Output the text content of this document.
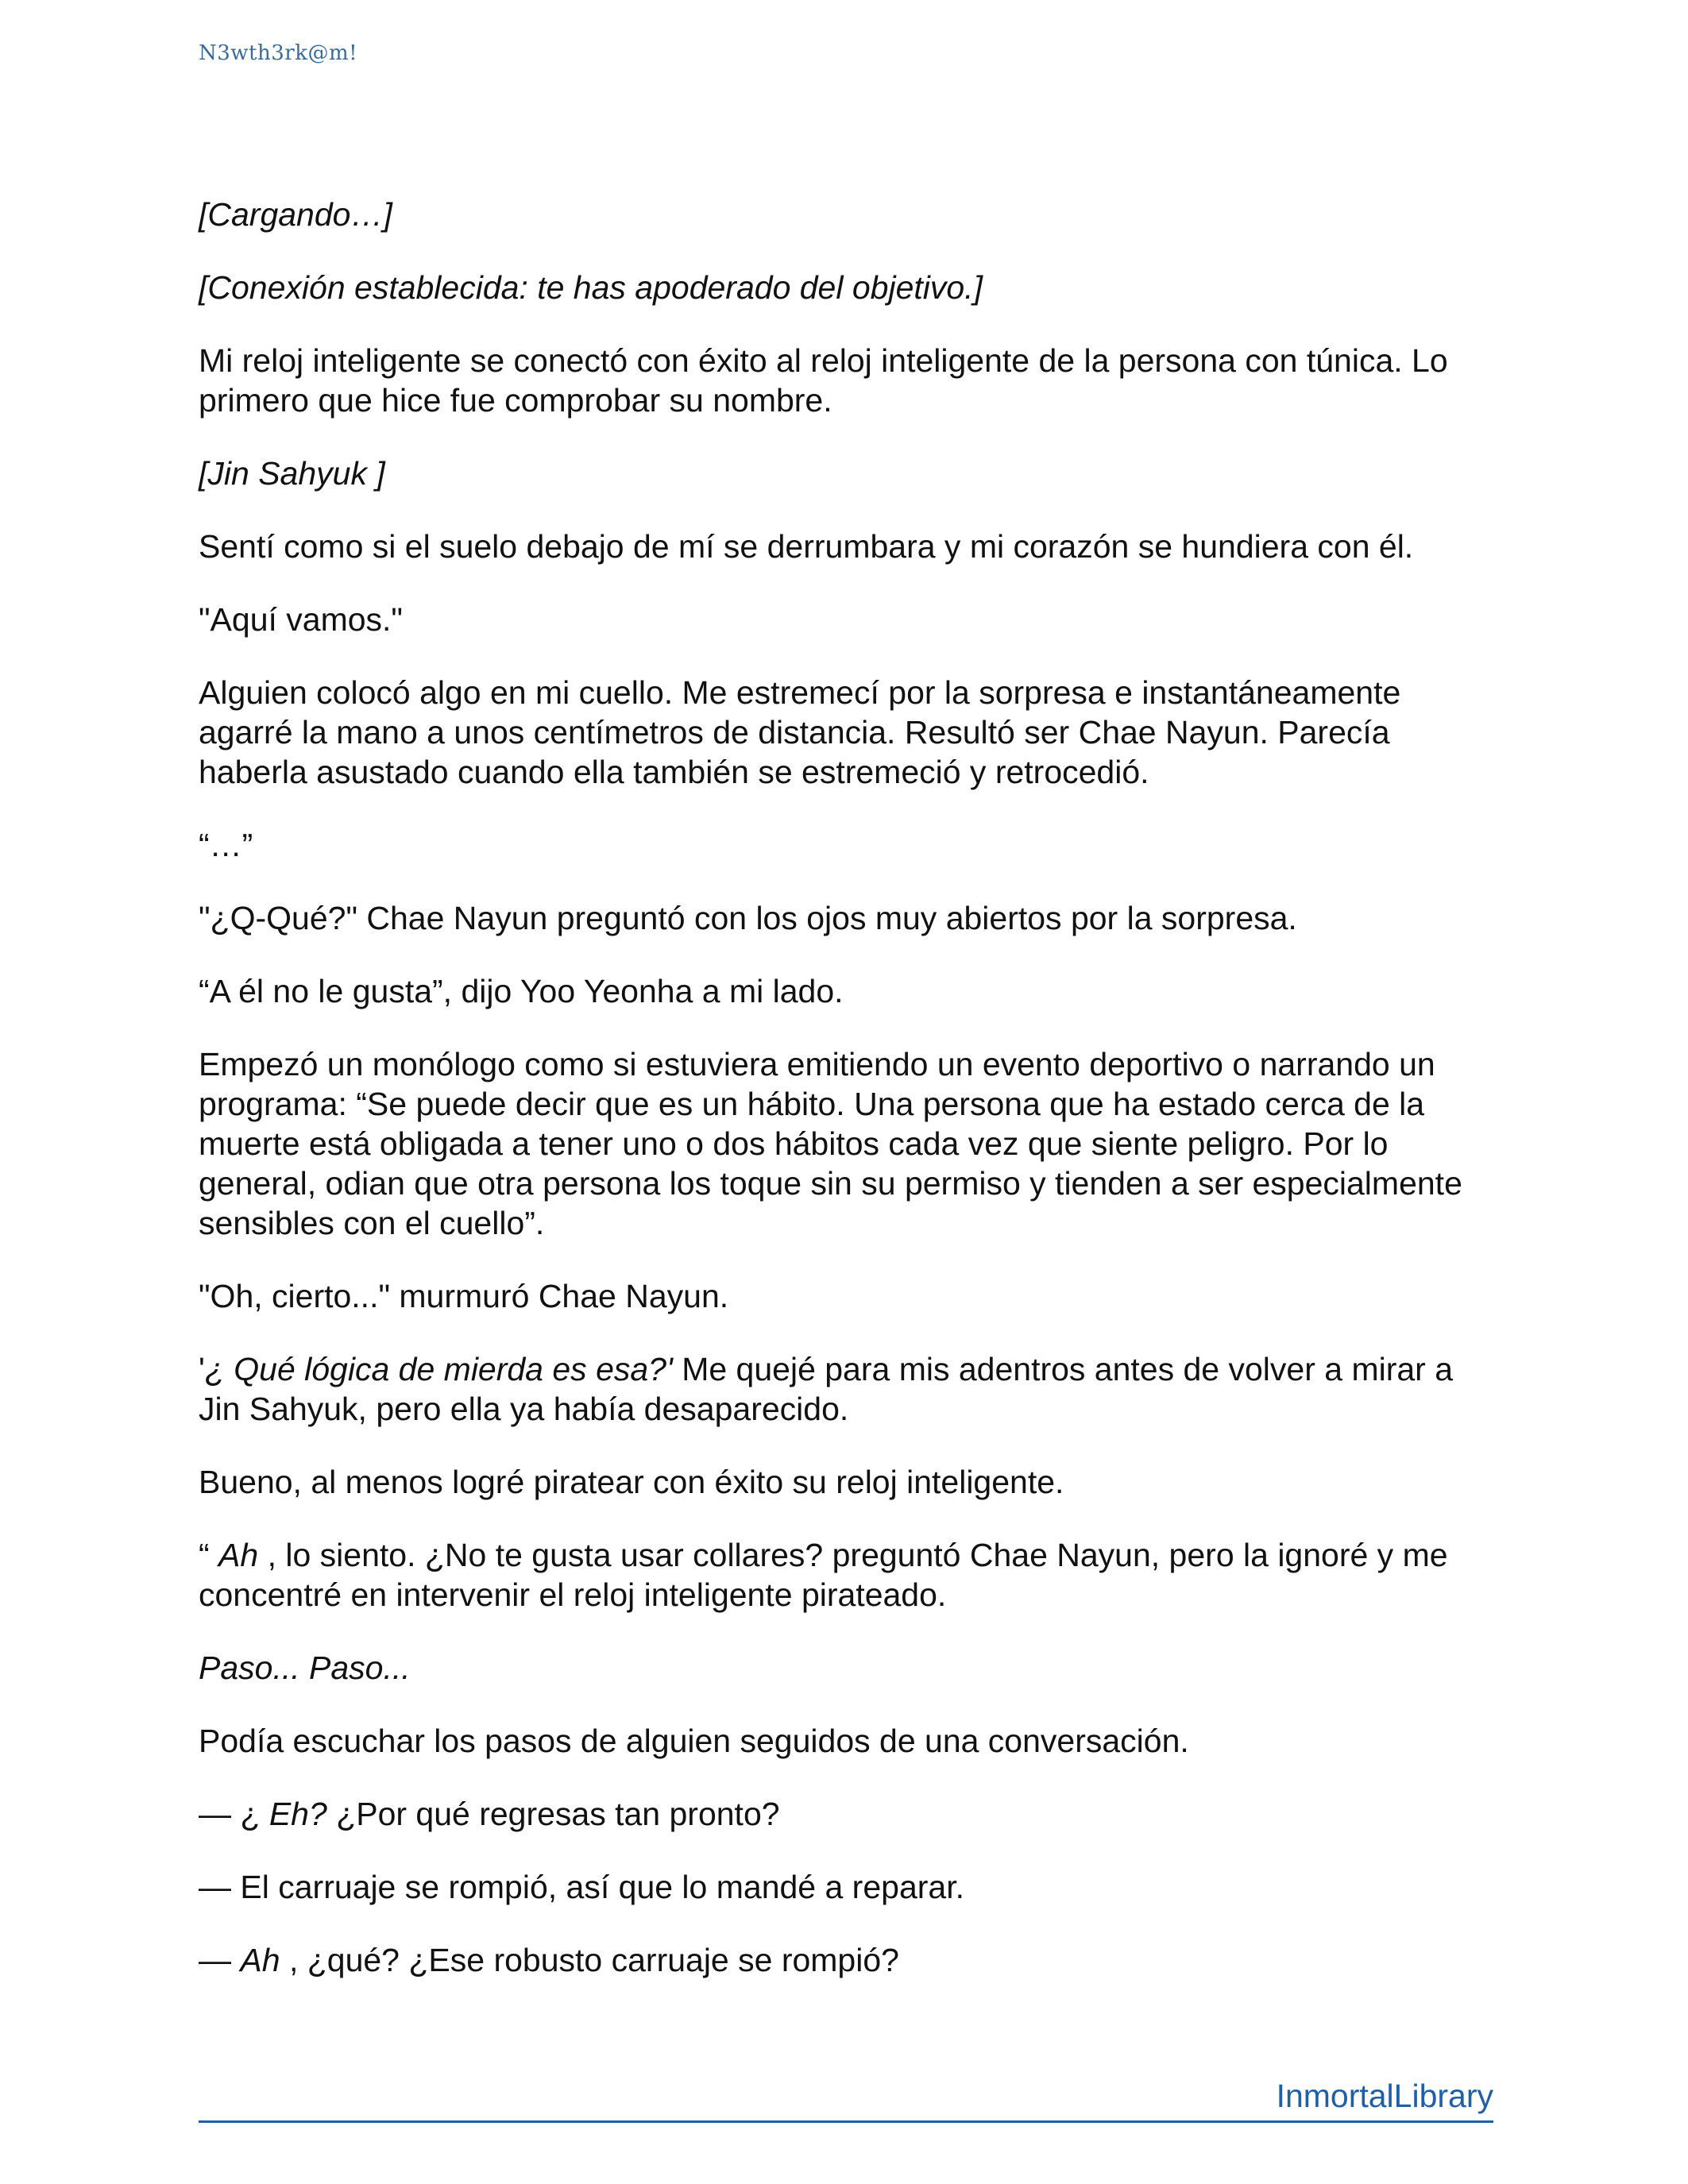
N3wth3rk@m!

[Cargando…]

[Conexión establecida: te has apoderado del objetivo.]

Mi reloj inteligente se conectó con éxito al reloj inteligente de la persona con túnica. Lo primero que hice fue comprobar su nombre.

[Jin Sahyuk ]

Sentí como si el suelo debajo de mí se derrumbara y mi corazón se hundiera con él.

"Aquí vamos."

Alguien colocó algo en mi cuello. Me estremecí por la sorpresa e instantáneamente agarré la mano a unos centímetros de distancia. Resultó ser Chae Nayun. Parecía haberla asustado cuando ella también se estremeció y retrocedió.

“…”

"¿Q-Qué?" Chae Nayun preguntó con los ojos muy abiertos por la sorpresa.

“A él no le gusta”, dijo Yoo Yeonha a mi lado.

Empezó un monólogo como si estuviera emitiendo un evento deportivo o narrando un programa: “Se puede decir que es un hábito. Una persona que ha estado cerca de la muerte está obligada a tener uno o dos hábitos cada vez que siente peligro. Por lo general, odian que otra persona los toque sin su permiso y tienden a ser especialmente sensibles con el cuello”.

"Oh, cierto..." murmuró Chae Nayun.

'¿ Qué lógica de mierda es esa?' Me quejé para mis adentros antes de volver a mirar a Jin Sahyuk, pero ella ya había desaparecido.

Bueno, al menos logré piratear con éxito su reloj inteligente.

“ Ah , lo siento. ¿No te gusta usar collares? preguntó Chae Nayun, pero la ignoré y me concentré en intervenir el reloj inteligente pirateado.

Paso... Paso...

Podía escuchar los pasos de alguien seguidos de una conversación.

— ¿ Eh? ¿Por qué regresas tan pronto?

— El carruaje se rompió, así que lo mandé a reparar.

— Ah , ¿qué? ¿Ese robusto carruaje se rompió?

InmortalLibrary
